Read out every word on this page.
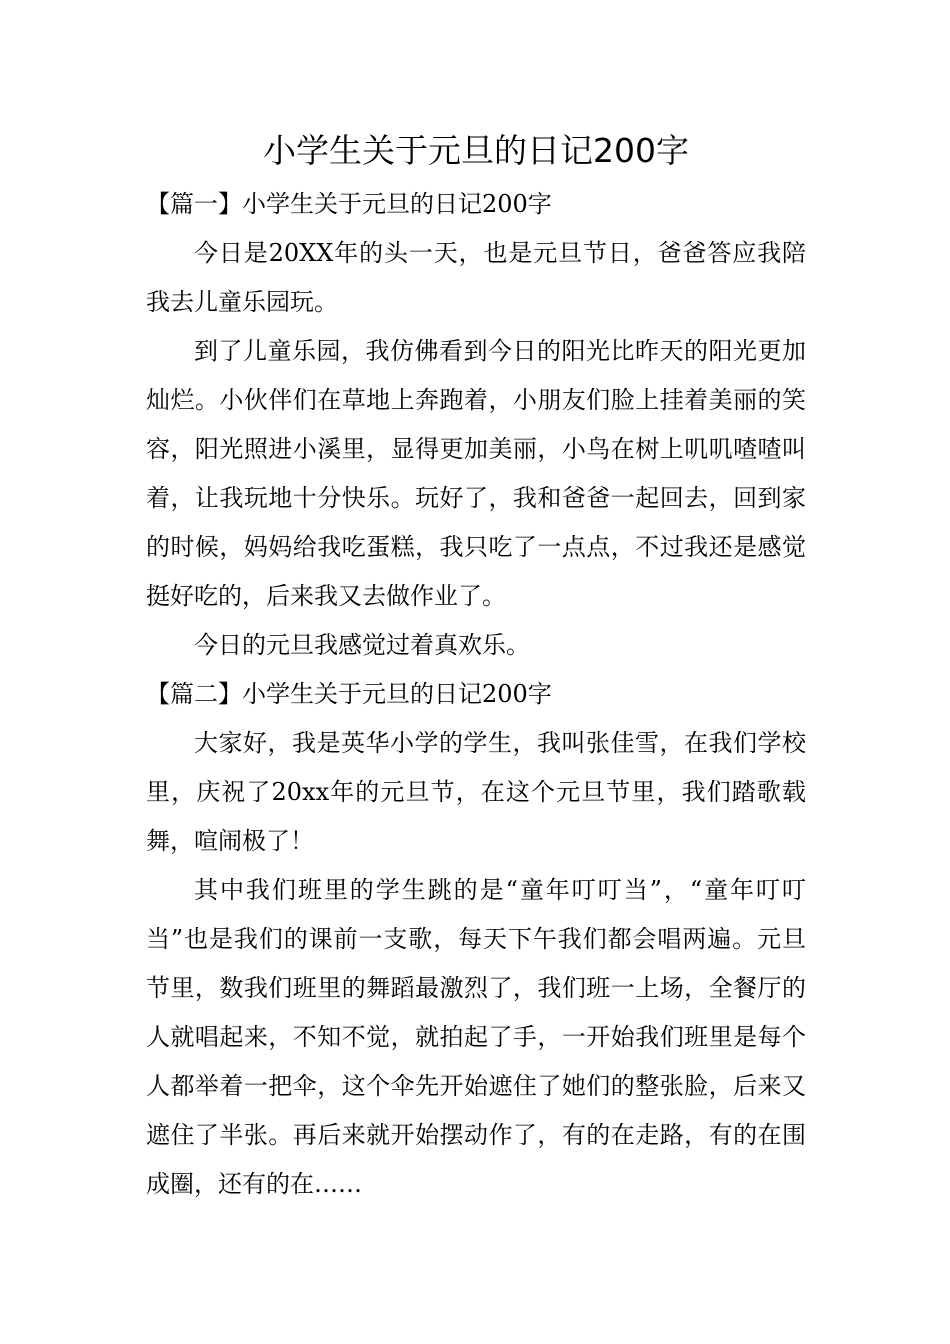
小学生关于元旦的日记200字

【篇一】小学生关于元旦的日记200字

今日是20XX年的头一天，也是元旦节日，爸爸答应我陪我去儿童乐园玩。

到了儿童乐园，我仿佛看到今日的阳光比昨天的阳光更加灿烂。小伙伴们在草地上奔跑着，小朋友们脸上挂着美丽的笑容，阳光照进小溪里，显得更加美丽，小鸟在树上叽叽喳喳叫着，让我玩地十分快乐。玩好了，我和爸爸一起回去，回到家的时候，妈妈给我吃蛋糕，我只吃了一点点，不过我还是感觉挺好吃的，后来我又去做作业了。

今日的元旦我感觉过着真欢乐。

【篇二】小学生关于元旦的日记200字

大家好，我是英华小学的学生，我叫张佳雪，在我们学校里，庆祝了20xx年的元旦节，在这个元旦节里，我们踏歌载舞，喧闹极了！

其中我们班里的学生跳的是“童年叮叮当”，“童年叮叮当”也是我们的课前一支歌，每天下午我们都会唱两遍。元旦节里，数我们班里的舞蹈最激烈了，我们班一上场，全餐厅的人就唱起来，不知不觉，就拍起了手，一开始我们班里是每个人都举着一把伞，这个伞先开始遮住了她们的整张脸，后来又遮住了半张。再后来就开始摆动作了，有的在走路，有的在围成圈，还有的在……
